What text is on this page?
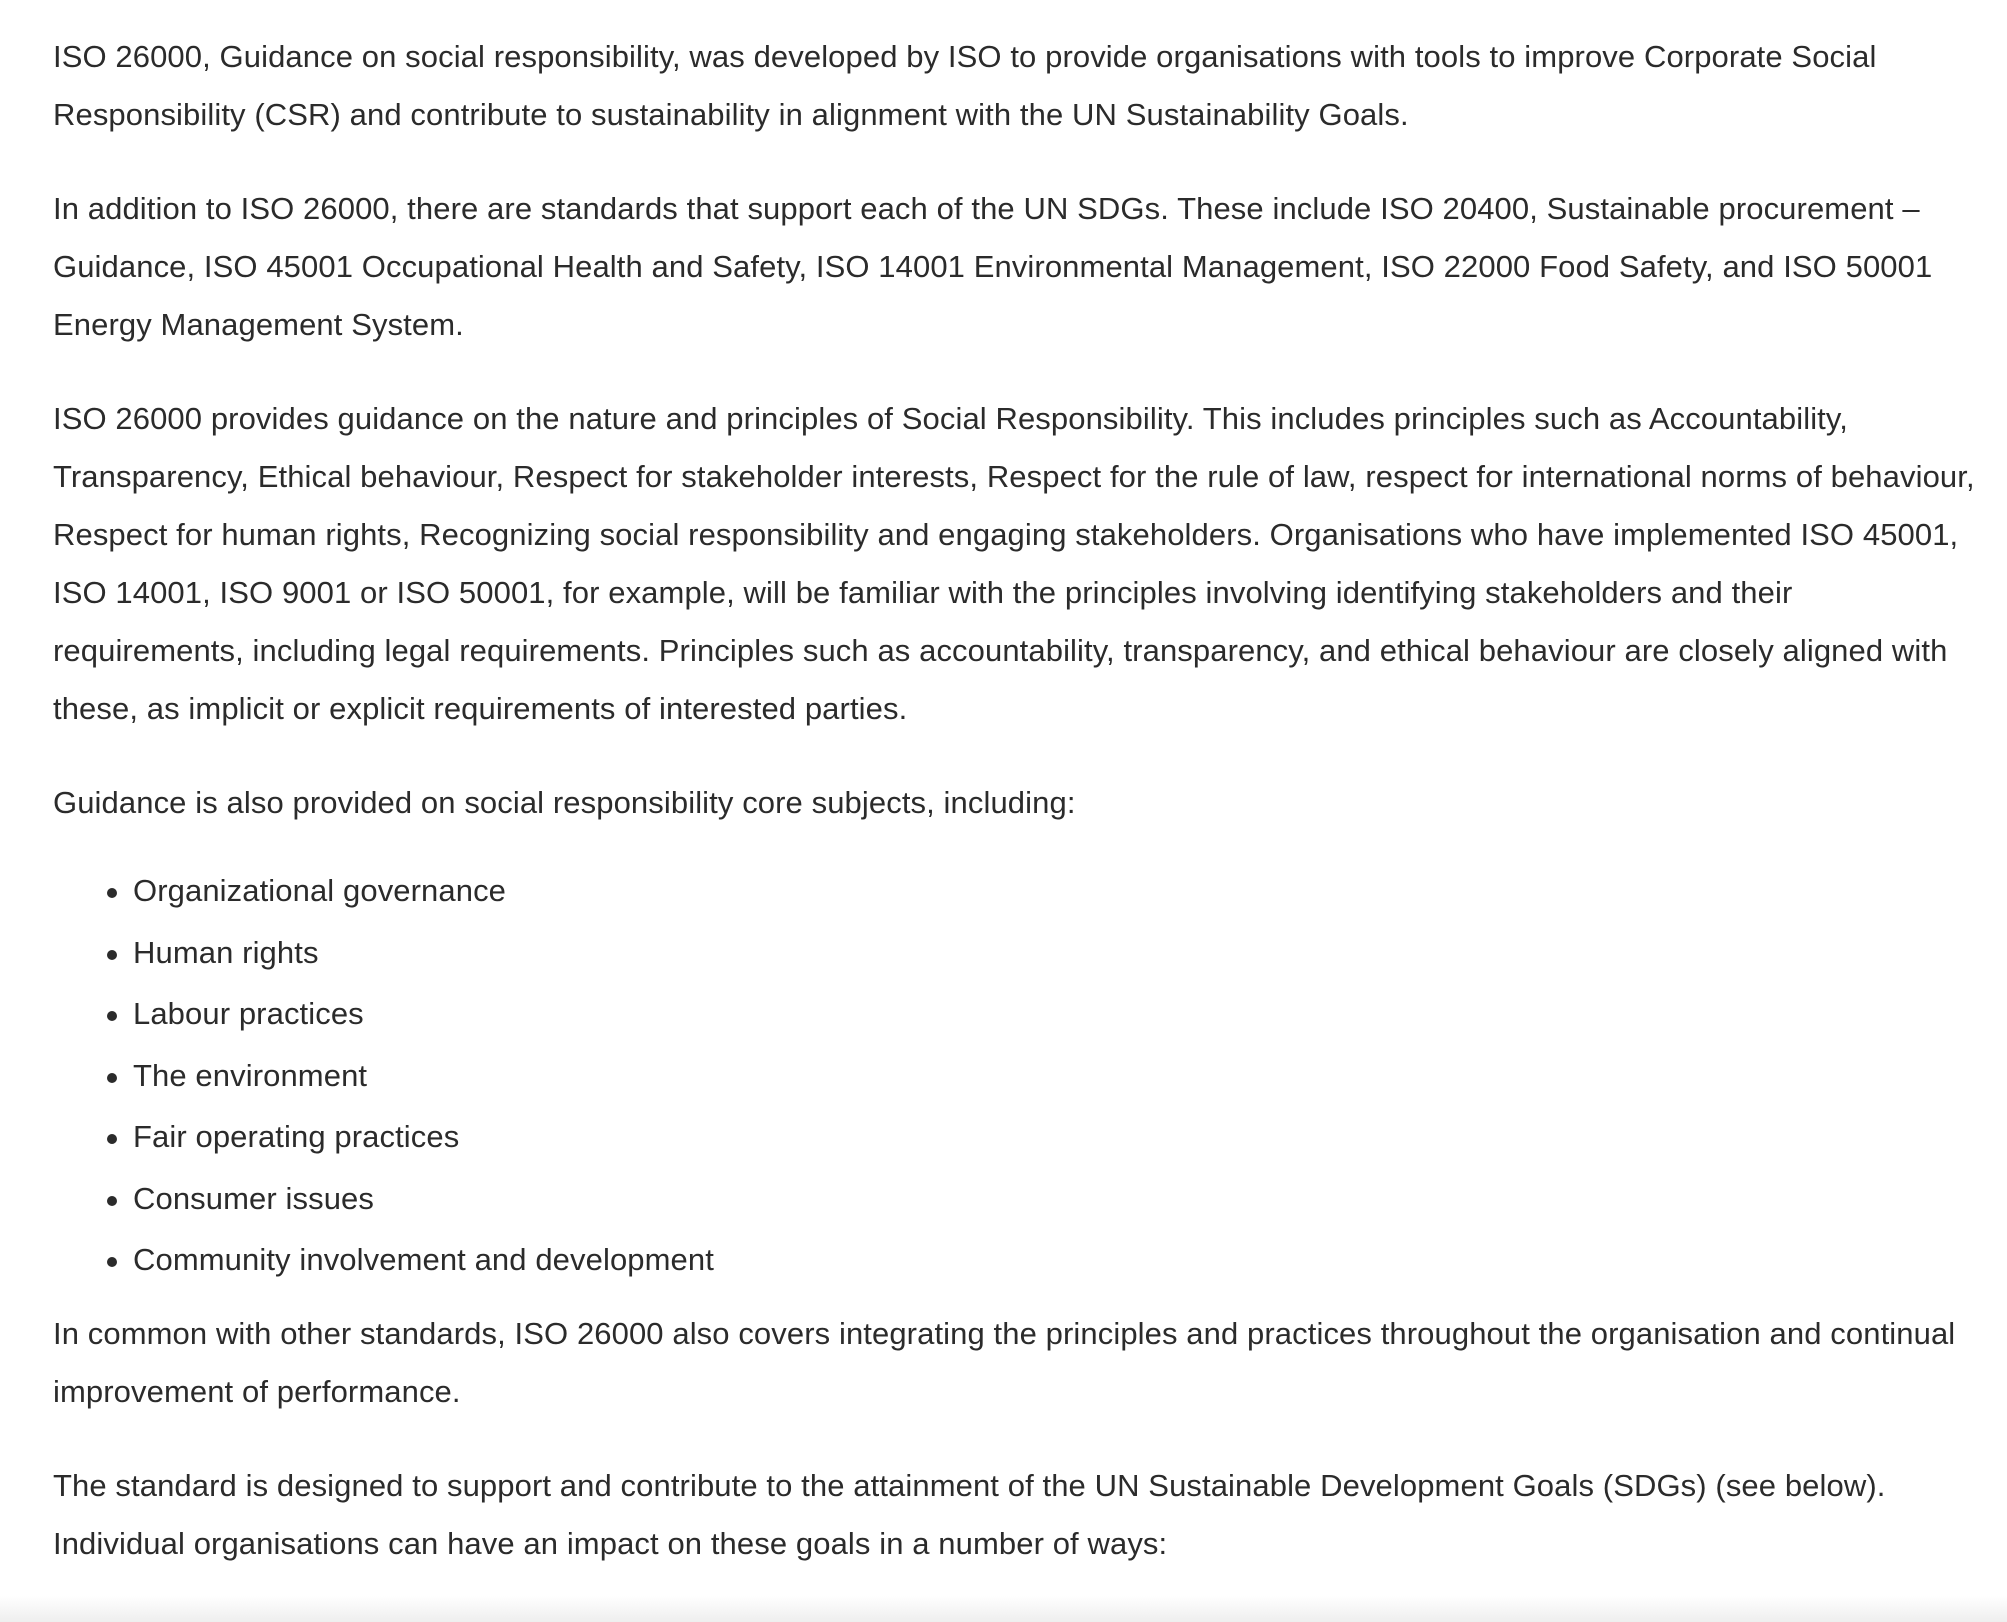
ISO 26000, Guidance on social responsibility, was developed by ISO to provide organisations with tools to improve Corporate Social Responsibility (CSR) and contribute to sustainability in alignment with the UN Sustainability Goals.

In addition to ISO 26000, there are standards that support each of the UN SDGs. These include ISO 20400, Sustainable procurement – Guidance, ISO 45001 Occupational Health and Safety, ISO 14001 Environmental Management, ISO 22000 Food Safety, and ISO 50001 Energy Management System.

ISO 26000 provides guidance on the nature and principles of Social Responsibility. This includes principles such as Accountability, Transparency, Ethical behaviour, Respect for stakeholder interests, Respect for the rule of law, respect for international norms of behaviour, Respect for human rights, Recognizing social responsibility and engaging stakeholders. Organisations who have implemented ISO 45001, ISO 14001, ISO 9001 or ISO 50001, for example, will be familiar with the principles involving identifying stakeholders and their requirements, including legal requirements. Principles such as accountability, transparency, and ethical behaviour are closely aligned with these, as implicit or explicit requirements of interested parties.

Guidance is also provided on social responsibility core subjects, including:

Organizational governance
Human rights
Labour practices
The environment
Fair operating practices
Consumer issues
Community involvement and development

In common with other standards, ISO 26000 also covers integrating the principles and practices throughout the organisation and continual improvement of performance.

The standard is designed to support and contribute to the attainment of the UN Sustainable Development Goals (SDGs) (see below). Individual organisations can have an impact on these goals in a number of ways:
